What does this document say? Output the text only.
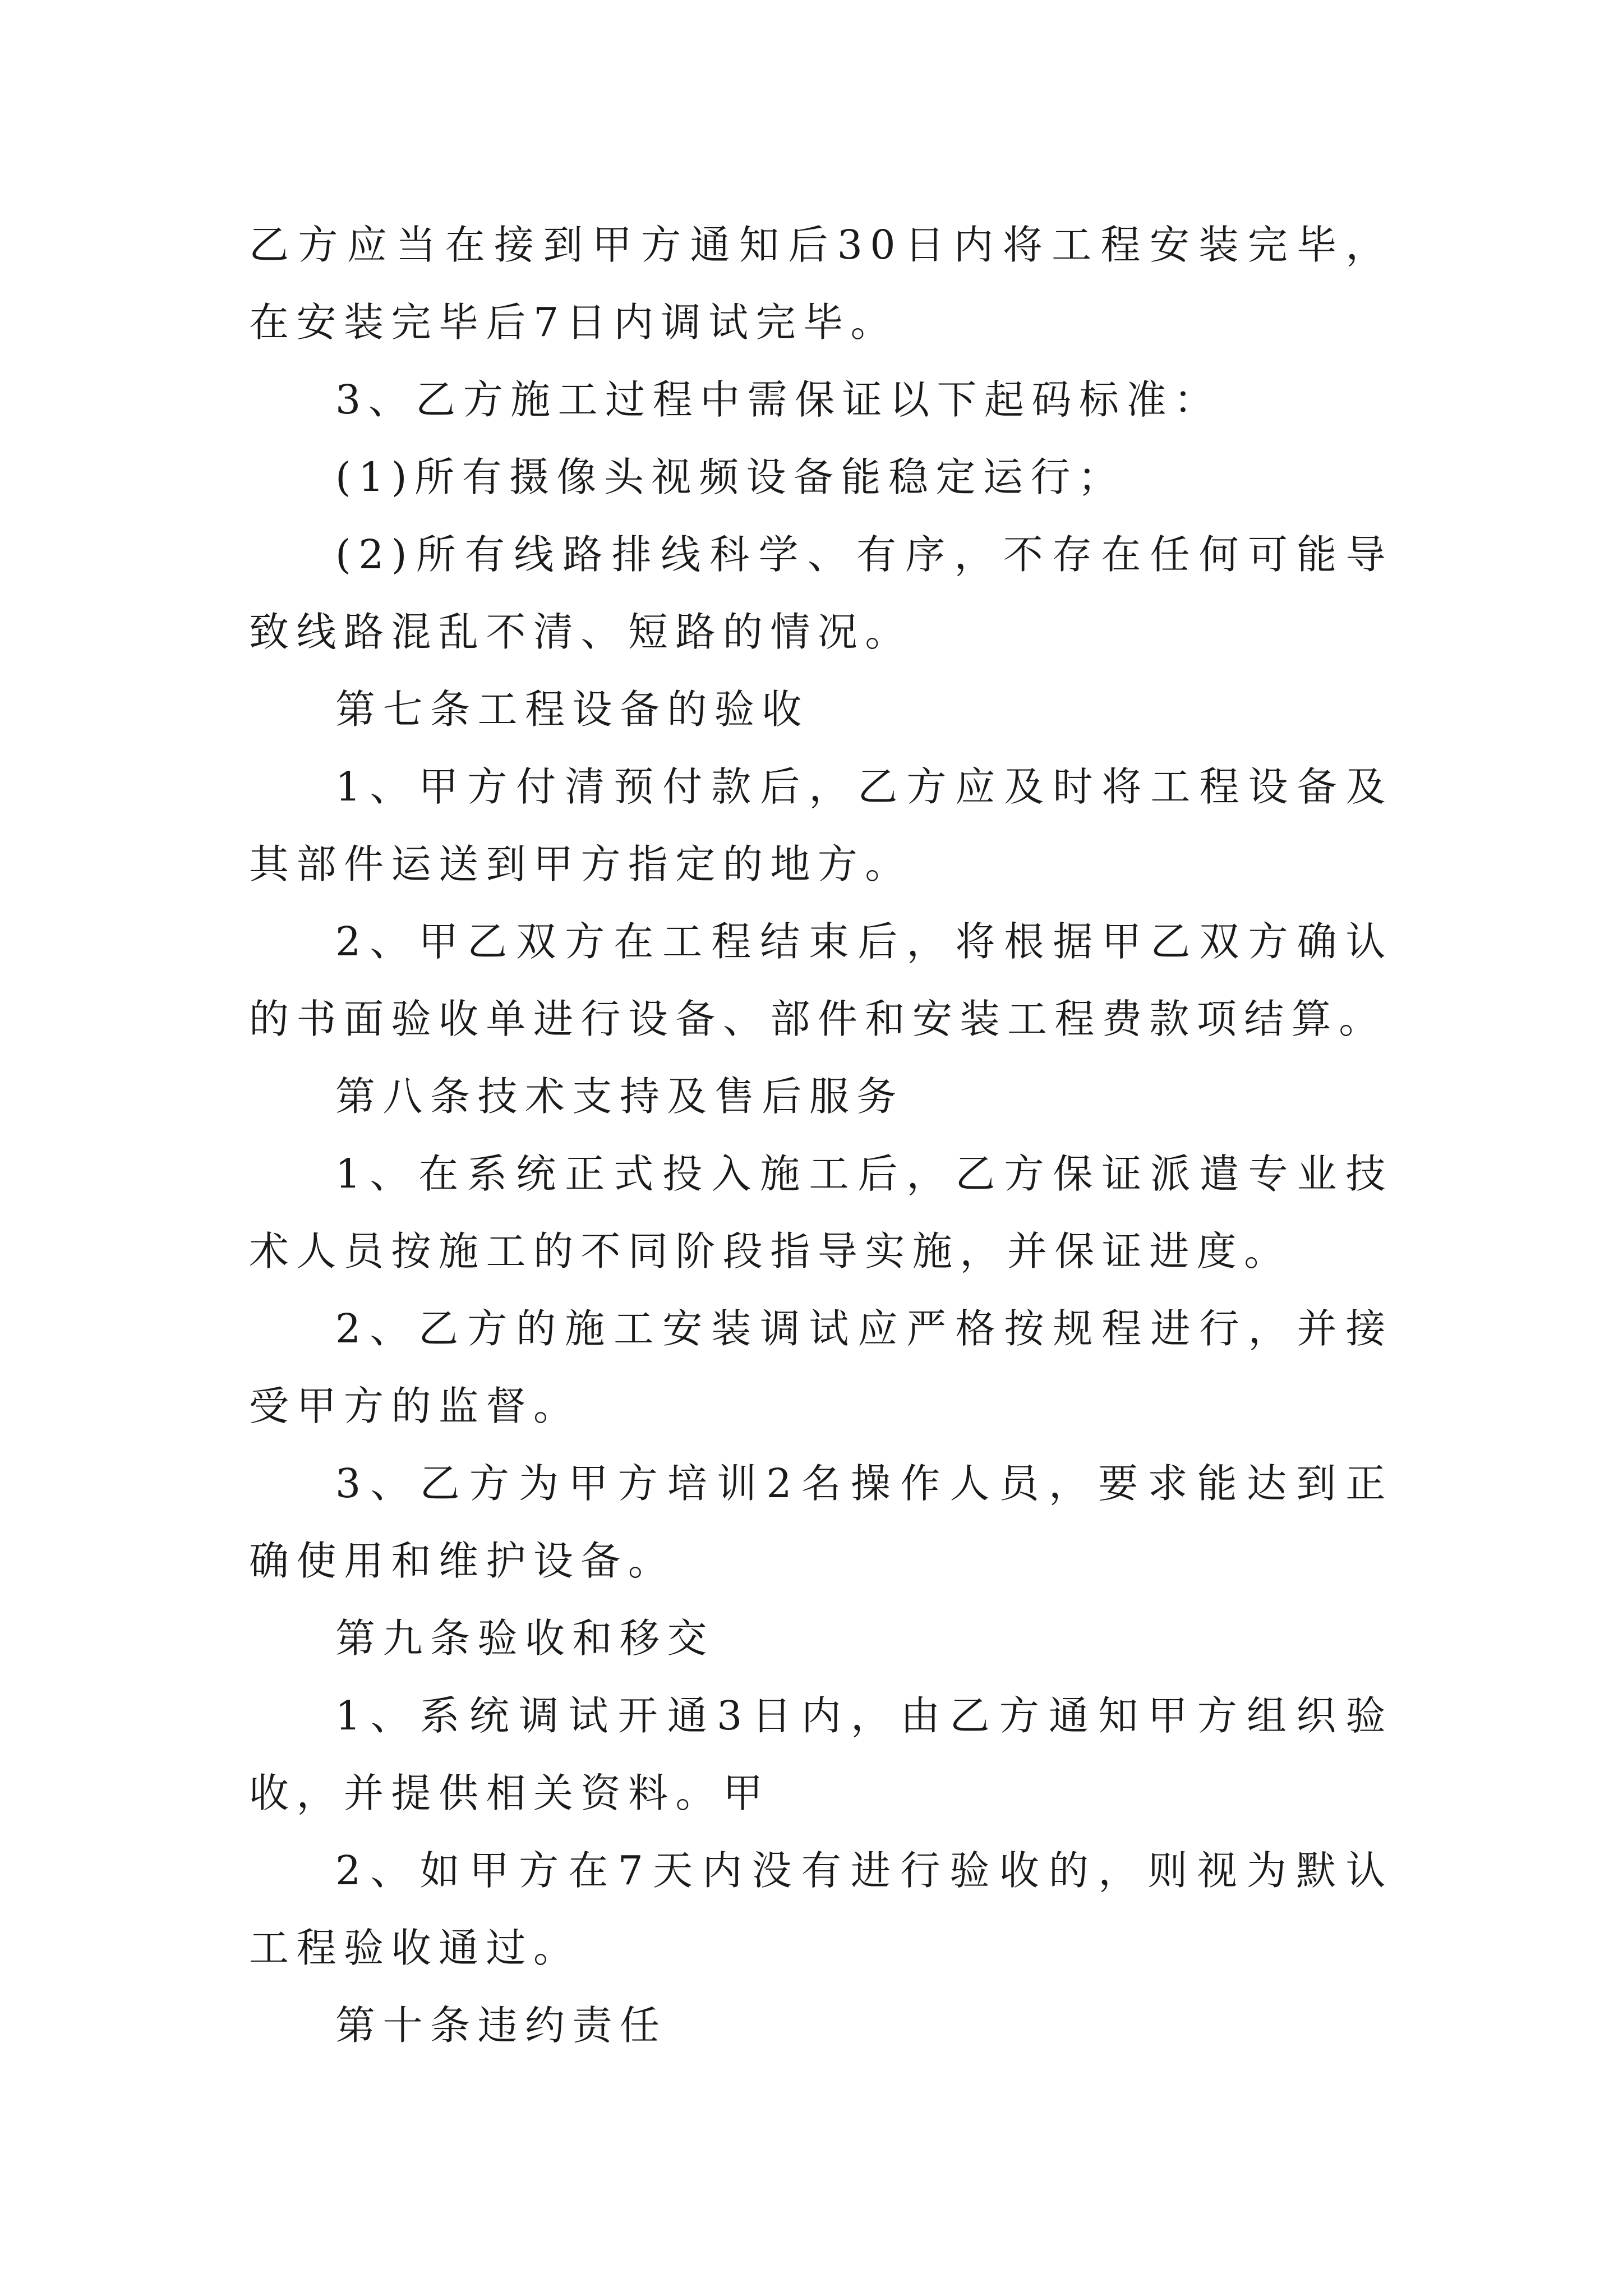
乙方应当在接到甲方通知后30日内将工程安装完毕，在安装完毕后7日内调试完毕。

3、乙方施工过程中需保证以下起码标准：

(1)所有摄像头视频设备能稳定运行；

(2)所有线路排线科学、有序，不存在任何可能导致线路混乱不清、短路的情况。

第七条工程设备的验收

1、甲方付清预付款后，乙方应及时将工程设备及其部件运送到甲方指定的地方。

2、甲乙双方在工程结束后，将根据甲乙双方确认的书面验收单进行设备、部件和安装工程费款项结算。

第八条技术支持及售后服务

1、在系统正式投入施工后，乙方保证派遣专业技术人员按施工的不同阶段指导实施，并保证进度。

2、乙方的施工安装调试应严格按规程进行，并接受甲方的监督。

3、乙方为甲方培训2名操作人员，要求能达到正确使用和维护设备。

第九条验收和移交

1、系统调试开通3日内，由乙方通知甲方组织验收，并提供相关资料。甲

2、如甲方在7天内没有进行验收的，则视为默认工程验收通过。

第十条违约责任
